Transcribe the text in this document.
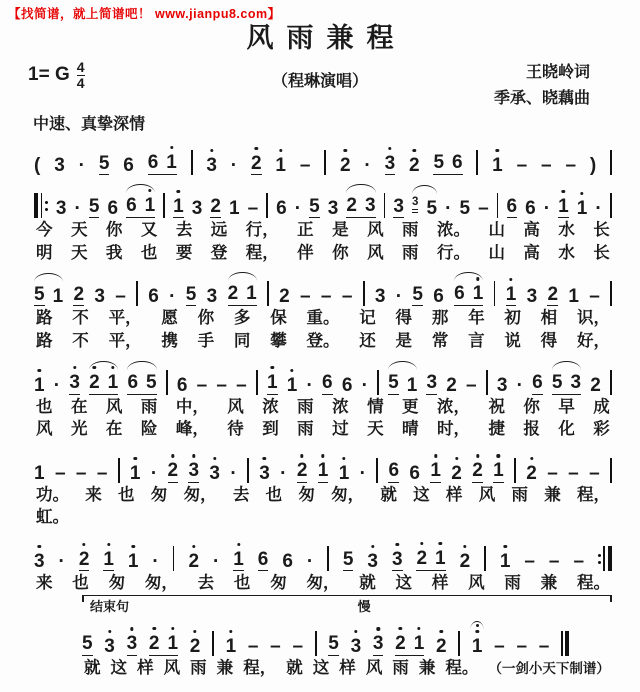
【找简谱，就上简谱吧！ www.jianpu8.com】
风雨兼程
1= G $\frac{4}{4}$	（程琳演唱）
王晓岭词
季承、晓藕曲
中速、真挚深情
( 3 · 5 6 6 1 3 · 2 1 – 2 · 3 2 5 6 1 – – – )
3 · 5 6 6 1 1 3 2 1 – 6 · 5 3 2 3 3 3 5 · 5 – 6 6 · 1 1 ·
今 天 你 又 去 远 行， 正 是 风 雨 浓。 山 高 水 长
明 天 我 也 要 登 程， 伴 你 风 雨 行。 山 高 水 长
5 1 2 3 – 6 · 5 3 2 1 2 – – – 3 · 5 6 6 1 1 3 2 1 –
路 不 平， 愿 你 多 保 重。 记 得 那 年 初 相 识，
路 不 平， 携 手 同 攀 登。 还 是 常 言 说 得 好，
1 · 3 2 1 6 5 6 – – – 1 1 · 6 6 · 5 1 3 2 – 3 · 6 5 3 2
也 在 风 雨 中， 风 浓 雨 浓 情 更 浓， 祝 你 早 成
风 光 在 险 峰， 待 到 雨 过 天 晴 时， 捷 报 化 彩
1 – – – 1 · 2 3 3 · 3 · 2 1 1 · 6 6 1 2 2 1 2 – – –
功。 来 也 匆 匆， 去 也 匆 匆， 就 这 样 风 雨 兼 程，
虹。
3 · 2 1 1 · 2 · 1 6 6 · 5 3 3 2 1 2 1 – – –
来 也 匆 匆， 去 也 匆 匆， 就 这 样 风 雨 兼 程。
结束句	慢
5 3 3 2 1 2 1 – – – 5 3 3 2 1 2 1 – – –
就 这 样 风 雨 兼 程， 就 这 样 风 雨 兼 程。 （一剑小天下制谱）
